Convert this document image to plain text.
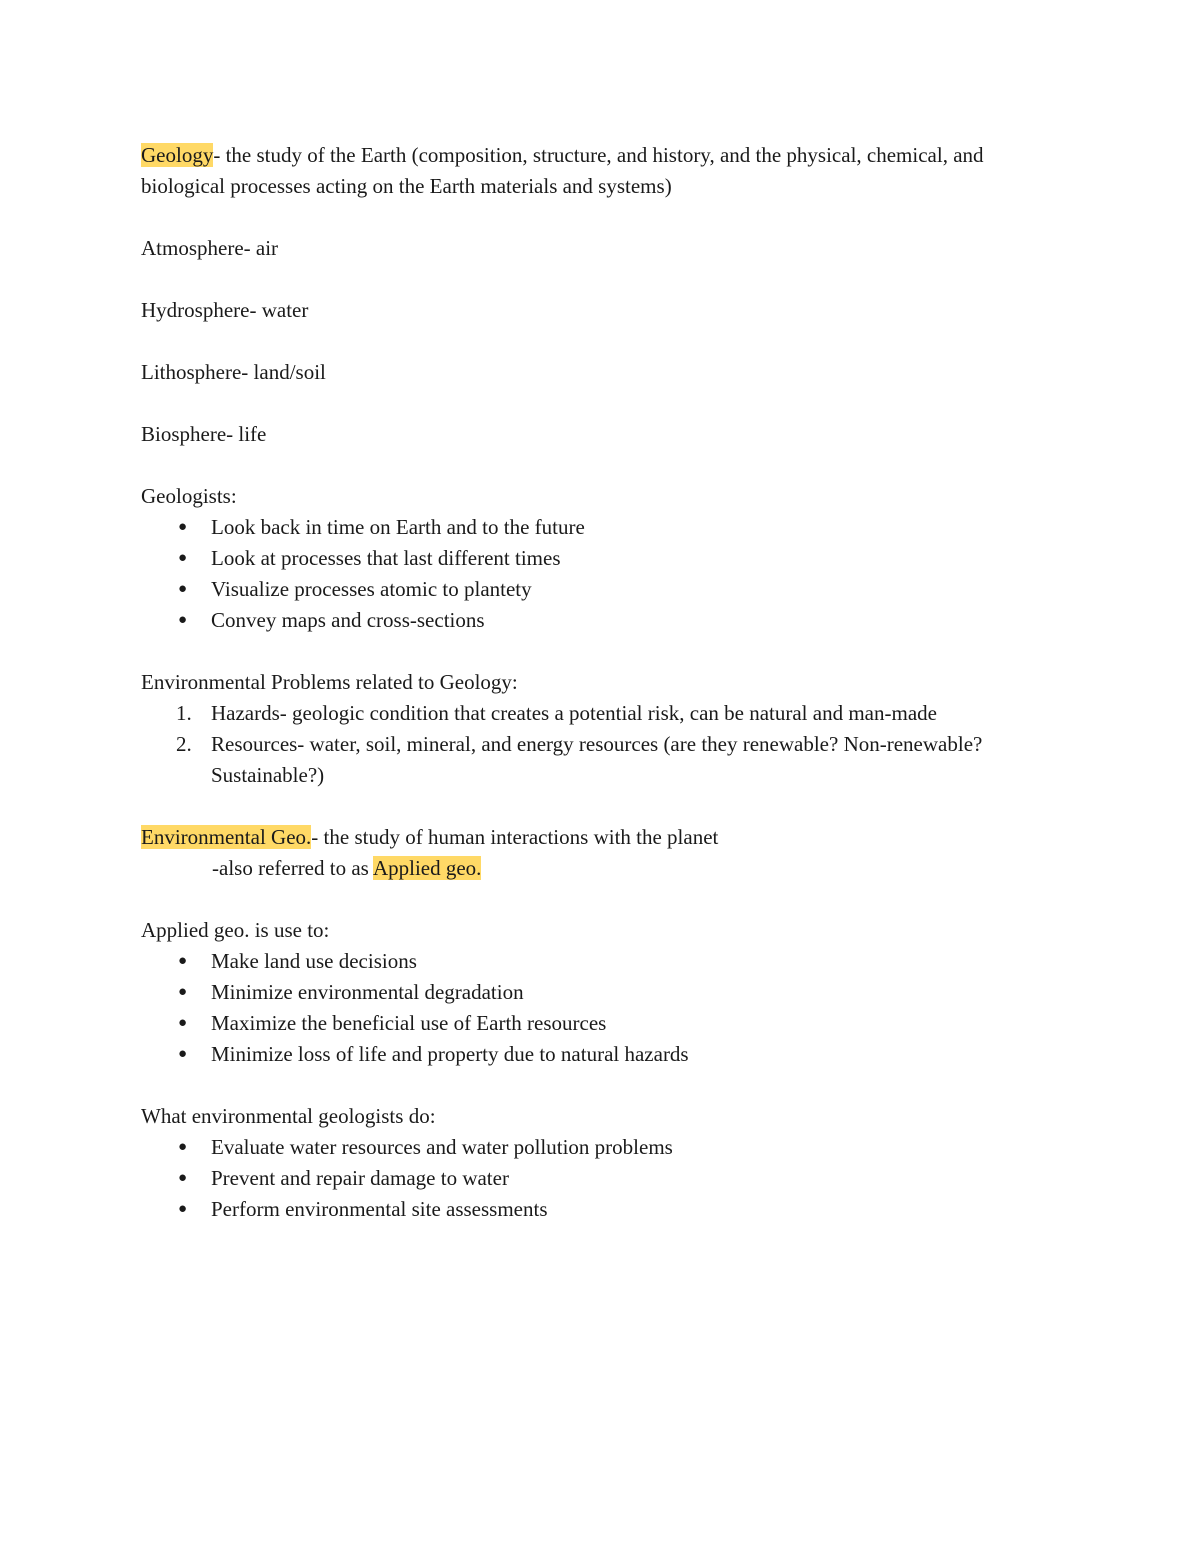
Geology- the study of the Earth (composition, structure, and history, and the physical, chemical, and biological processes acting on the Earth materials and systems)

Atmosphere- air

Hydrosphere- water

Lithosphere- land/soil

Biosphere- life

Geologists:

● Look back in time on Earth and to the future
● Look at processes that last different times
● Visualize processes atomic to plantety
● Convey maps and cross-sections

Environmental Problems related to Geology:

1. Hazards- geologic condition that creates a potential risk, can be natural and man-made
2. Resources- water, soil, mineral, and energy resources (are they renewable? Non-renewable? Sustainable?)

Environmental Geo.- the study of human interactions with the planet

-also referred to as Applied geo.

Applied geo. is use to:

● Make land use decisions
● Minimize environmental degradation
● Maximize the beneficial use of Earth resources
● Minimize loss of life and property due to natural hazards

What environmental geologists do:

● Evaluate water resources and water pollution problems
● Prevent and repair damage to water
● Perform environmental site assessments
